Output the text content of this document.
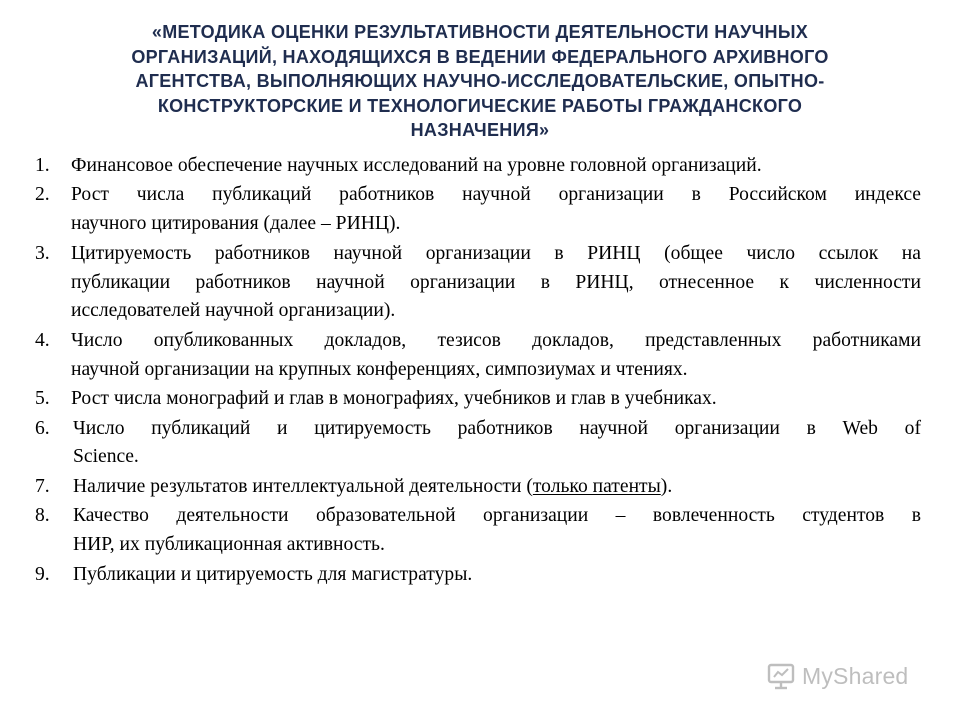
«МЕТОДИКА ОЦЕНКИ РЕЗУЛЬТАТИВНОСТИ ДЕЯТЕЛЬНОСТИ НАУЧНЫХ
ОРГАНИЗАЦИЙ, НАХОДЯЩИХСЯ В ВЕДЕНИИ ФЕДЕРАЛЬНОГО АРХИВНОГО
АГЕНТСТВА, ВЫПОЛНЯЮЩИХ НАУЧНО-ИССЛЕДОВАТЕЛЬСКИЕ, ОПЫТНО-
КОНСТРУКТОРСКИЕ И ТЕХНОЛОГИЧЕСКИЕ РАБОТЫ ГРАЖДАНСКОГО
НАЗНАЧЕНИЯ»
1. Финансовое обеспечение научных исследований на уровне головной организаций.
2. Рост числа публикаций работников научной организации в Российском индексе
научного цитирования (далее – РИНЦ).
3. Цитируемость работников научной организации в РИНЦ (общее число ссылок на
публикации работников научной организации в РИНЦ, отнесенное к численности
исследователей научной организации).
4. Число опубликованных докладов, тезисов докладов, представленных работниками
научной организации на крупных конференциях, симпозиумах и чтениях.
5. Рост числа монографий и глав в монографиях, учебников и глав в учебниках.
6. Число публикаций и цитируемость работников научной организации в Web of
Science.
7. Наличие результатов интеллектуальной деятельности (только патенты).
8. Качество деятельности образовательной организации – вовлеченность студентов в
НИР, их публикационная активность.
9. Публикации и цитируемость для магистратуры.
MyShared
